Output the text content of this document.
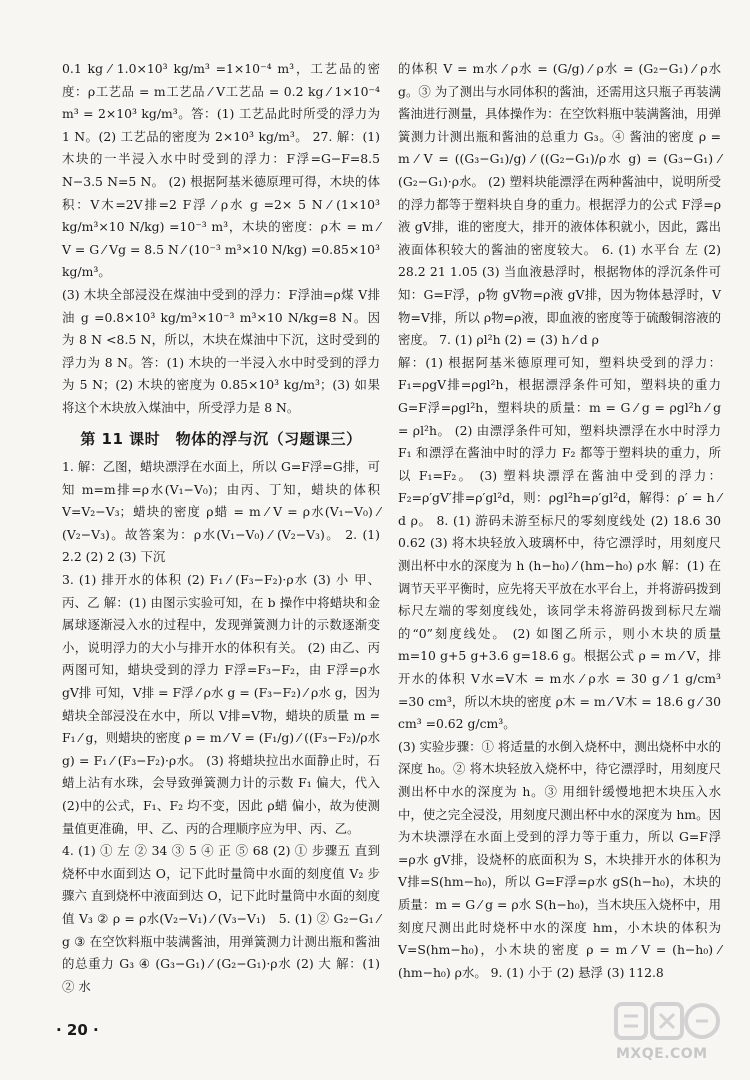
0.1 kg ⁄ 1.0×10³ kg/m³ =1×10⁻⁴ m³，工艺品的密度：ρ工艺品 = m工艺品 ⁄ V工艺品 = 0.2 kg ⁄ 1×10⁻⁴ m³ = 2×10³ kg/m³。答：(1) 工艺品此时所受的浮力为 1 N。(2) 工艺品的密度为 2×10³ kg/m³。 27. 解：(1) 木块的一半浸入水中时受到的浮力：F浮=G−F=8.5 N−3.5 N=5 N。 (2) 根据阿基米德原理可得，木块的体积：V木=2V排=2 F浮 ⁄ ρ水 g =2× 5 N ⁄ (1×10³ kg/m³×10 N/kg) =10⁻³ m³，木块的密度：ρ木 = m ⁄ V = G ⁄ Vg = 8.5 N ⁄ (10⁻³ m³×10 N/kg) =0.85×10³ kg/m³。

(3) 木块全部浸没在煤油中受到的浮力：F浮油=ρ煤 V排油 g =0.8×10³ kg/m³×10⁻³ m³×10 N/kg=8 N。因为 8 N <8.5 N，所以，木块在煤油中下沉，这时受到的浮力为 8 N。答：(1) 木块的一半浸入水中时受到的浮力为 5 N；(2) 木块的密度为 0.85×10³ kg/m³；(3) 如果将这个木块放入煤油中，所受浮力是 8 N。

第 11 课时　物体的浮与沉（习题课三）

1. 解：乙图，蜡块漂浮在水面上，所以 G=F浮=G排，可知 m=m排=ρ水(V₁−V₀)；由丙、丁知，蜡块的体积 V=V₂−V₃；蜡块的密度 ρ蜡 = m ⁄ V = ρ水(V₁−V₀) ⁄ (V₂−V₃)。故答案为：ρ水(V₁−V₀) ⁄ (V₂−V₃)。 2. (1) 2.2 (2) 2 (3) 下沉

3. (1) 排开水的体积 (2) F₁ ⁄ (F₃−F₂)·ρ水 (3) 小 甲、丙、乙 解：(1) 由图示实验可知，在 b 操作中将蜡块和金属球逐渐浸入水的过程中，发现弹簧测力计的示数逐渐变小，说明浮力的大小与排开水的体积有关。 (2) 由乙、丙两图可知，蜡块受到的浮力 F浮=F₃−F₂，由 F浮=ρ水 gV排 可知，V排 = F浮 ⁄ ρ水 g = (F₃−F₂) ⁄ ρ水 g，因为蜡块全部浸没在水中，所以 V排=V物，蜡块的质量 m = F₁ ⁄ g，则蜡块的密度 ρ = m ⁄ V = (F₁/g) ⁄ ((F₃−F₂)/ρ水 g) = F₁ ⁄ (F₃−F₂)·ρ水。 (3) 将蜡块拉出水面静止时，石蜡上沾有水珠，会导致弹簧测力计的示数 F₁ 偏大，代入(2)中的公式，F₁、F₂ 均不变，因此 ρ蜡 偏小，故为使测量值更准确，甲、乙、丙的合理顺序应为甲、丙、乙。

4. (1) ① 左 ② 34 ③ 5 ④ 正 ⑤ 68 (2) ① 步骤五 直到烧杯中水面到达 O，记下此时量筒中水面的刻度值 V₂ 步骤六 直到烧杯中液面到达 O，记下此时量筒中水面的刻度值 V₃ ② ρ = ρ水(V₂−V₁) ⁄ (V₃−V₁)　5. (1) ② G₂−G₁ ⁄ g ③ 在空饮料瓶中装满酱油，用弹簧测力计测出瓶和酱油的总重力 G₃ ④ (G₃−G₁) ⁄ (G₂−G₁)·ρ水 (2) 大 解：(1) ② 水

的体积 V = m水 ⁄ ρ水 = (G/g) ⁄ ρ水 = (G₂−G₁) ⁄ ρ水 g。③ 为了测出与水同体积的酱油，还需用这只瓶子再装满酱油进行测量，具体操作为：在空饮料瓶中装满酱油，用弹簧测力计测出瓶和酱油的总重力 G₃。④ 酱油的密度 ρ = m ⁄ V = ((G₃−G₁)/g) ⁄ ((G₂−G₁)/ρ水 g) = (G₃−G₁) ⁄ (G₂−G₁)·ρ水。 (2) 塑料块能漂浮在两种酱油中，说明所受的浮力都等于塑料块自身的重力。根据浮力的公式 F浮=ρ液 gV排，谁的密度大，排开的液体体积就小，因此，露出液面体积较大的酱油的密度较大。 6. (1) 水平台 左 (2) 28.2 21 1.05 (3) 当血液悬浮时，根据物体的浮沉条件可知：G=F浮，ρ物 gV物=ρ液 gV排，因为物体悬浮时，V物=V排，所以 ρ物=ρ液，即血液的密度等于硫酸铜溶液的密度。 7. (1) ρl²h (2) = (3) h ⁄ d ρ

解：(1) 根据阿基米德原理可知，塑料块受到的浮力：F₁=ρgV排=ρgl²h，根据漂浮条件可知，塑料块的重力 G=F浮=ρgl²h，塑料块的质量：m = G ⁄ g = ρgl²h ⁄ g = ρl²h。 (2) 由漂浮条件可知，塑料块漂浮在水中时浮力 F₁ 和漂浮在酱油中时的浮力 F₂ 都等于塑料块的重力，所以 F₁=F₂。 (3) 塑料块漂浮在酱油中受到的浮力：F₂=ρ′gV′排=ρ′gl²d，则：ρgl²h=ρ′gl²d，解得：ρ′ = h ⁄ d ρ。 8. (1) 游码未游至标尺的零刻度线处 (2) 18.6 30 0.62 (3) 将木块轻放入玻璃杯中，待它漂浮时，用刻度尺测出杯中水的深度为 h (h−h₀) ⁄ (hm−h₀) ρ水 解：(1) 在调节天平平衡时，应先将天平放在水平台上，并将游码拨到标尺左端的零刻度线处，该同学未将游码拨到标尺左端的“0”刻度线处。 (2) 如图乙所示，则小木块的质量 m=10 g+5 g+3.6 g=18.6 g。根据公式 ρ = m ⁄ V，排开水的体积 V水=V木 = m水 ⁄ ρ水 = 30 g ⁄ 1 g/cm³ =30 cm³，所以木块的密度 ρ木 = m ⁄ V木 = 18.6 g ⁄ 30 cm³ =0.62 g/cm³。

(3) 实验步骤：① 将适量的水倒入烧杯中，测出烧杯中水的深度 h₀。② 将木块轻放入烧杯中，待它漂浮时，用刻度尺测出杯中水的深度为 h。③ 用细针缓慢地把木块压入水中，使之完全浸没，用刻度尺测出杯中水的深度为 hm。因为木块漂浮在水面上受到的浮力等于重力，所以 G=F浮=ρ水 gV排，设烧杯的底面积为 S，木块排开水的体积为 V排=S(hm−h₀)，所以 G=F浮=ρ水 gS(h−h₀)，木块的质量：m = G ⁄ g = ρ水 S(h−h₀)，当木块压入烧杯中，用刻度尺测出此时烧杯中水的深度 hm，小木块的体积为 V=S(hm−h₀)，小木块的密度 ρ = m ⁄ V = (h−h₀) ⁄ (hm−h₀) ρ水。 9. (1) 小于 (2) 悬浮 (3) 112.8

· 20 ·
MXQE.COM
